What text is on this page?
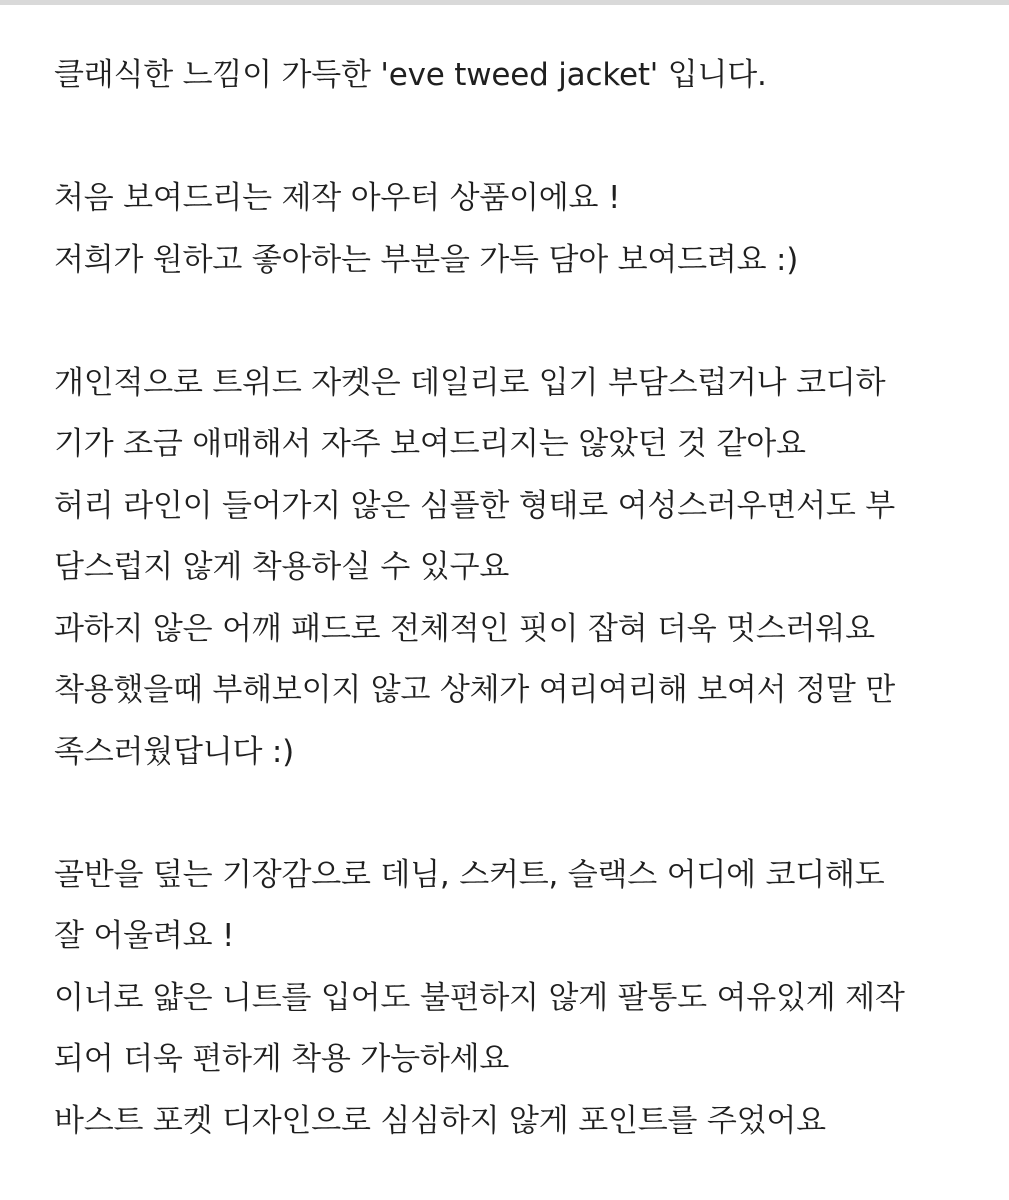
클래식한 느낌이 가득한 'eve tweed jacket' 입니다.
처음 보여드리는 제작 아우터 상품이에요 !
저희가 원하고 좋아하는 부분을 가득 담아 보여드려요 :)
개인적으로 트위드 자켓은 데일리로 입기 부담스럽거나 코디하
기가 조금 애매해서 자주 보여드리지는 않았던 것 같아요
허리 라인이 들어가지 않은 심플한 형태로 여성스러우면서도 부
담스럽지 않게 착용하실 수 있구요
과하지 않은 어깨 패드로 전체적인 핏이 잡혀 더욱 멋스러워요
착용했을때 부해보이지 않고 상체가 여리여리해 보여서 정말 만
족스러웠답니다 :)
골반을 덮는 기장감으로 데님, 스커트, 슬랙스 어디에 코디해도
잘 어울려요 !
이너로 얇은 니트를 입어도 불편하지 않게 팔통도 여유있게 제작
되어 더욱 편하게 착용 가능하세요
바스트 포켓 디자인으로 심심하지 않게 포인트를 주었어요
